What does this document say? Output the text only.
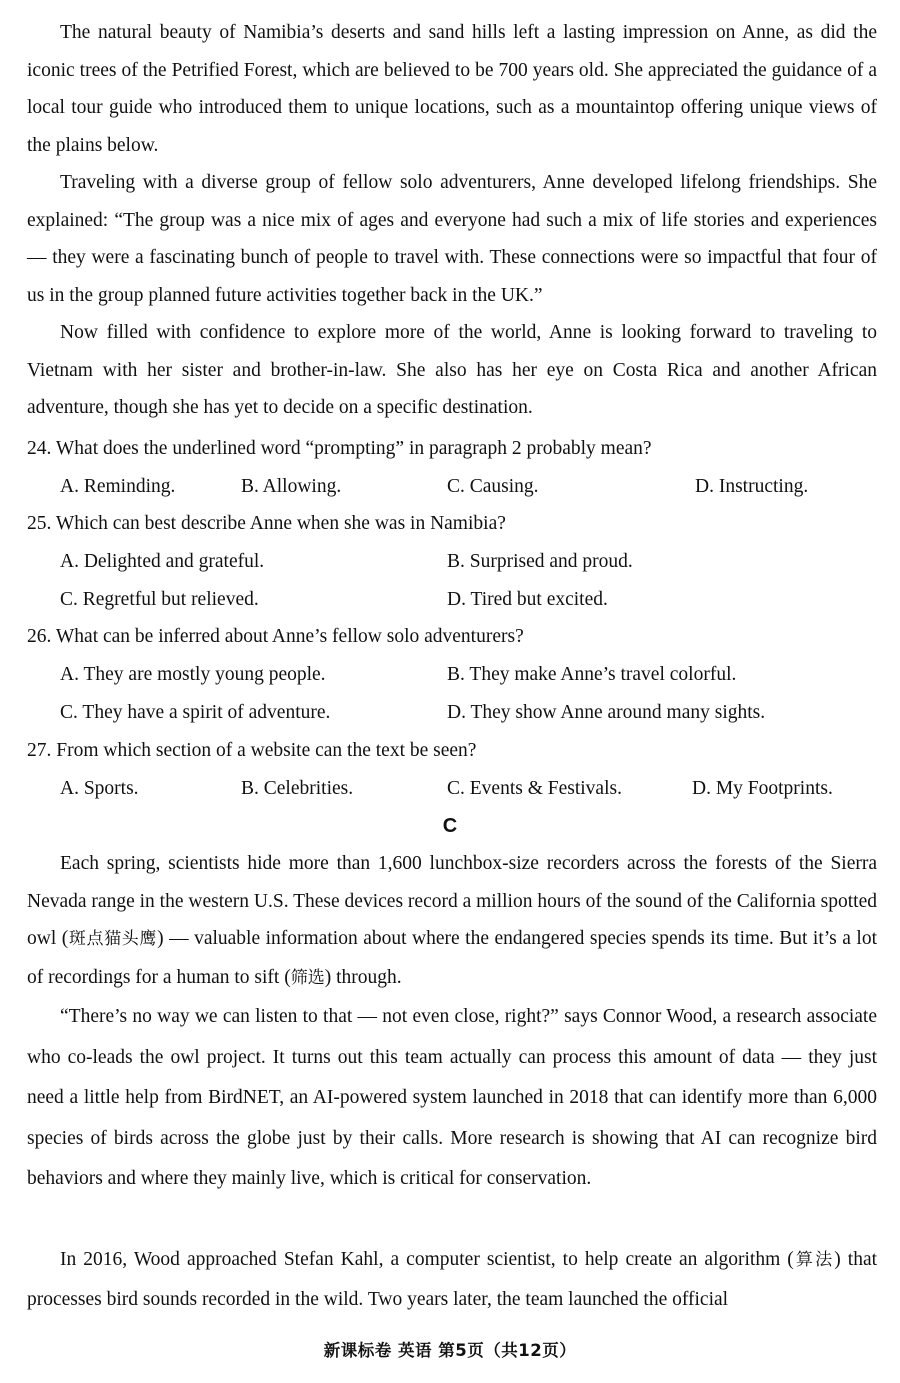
The natural beauty of Namibia’s deserts and sand hills left a lasting impression on Anne, as did the iconic trees of the Petrified Forest, which are believed to be 700 years old. She appreciated the guidance of a local tour guide who introduced them to unique locations, such as a mountaintop offering unique views of the plains below.

Traveling with a diverse group of fellow solo adventurers, Anne developed lifelong friendships. She explained: “The group was a nice mix of ages and everyone had such a mix of life stories and experiences — they were a fascinating bunch of people to travel with. These connections were so impactful that four of us in the group planned future activities together back in the UK.”

Now filled with confidence to explore more of the world, Anne is looking forward to traveling to Vietnam with her sister and brother-in-law. She also has her eye on Costa Rica and another African adventure, though she has yet to decide on a specific destination.

24. What does the underlined word “prompting” in paragraph 2 probably mean?

A. Reminding.	B. Allowing.	C. Causing.	D. Instructing.

25. Which can best describe Anne when she was in Namibia?

A. Delighted and grateful.	B. Surprised and proud.

C. Regretful but relieved.	D. Tired but excited.

26. What can be inferred about Anne’s fellow solo adventurers?

A. They are mostly young people.	B. They make Anne’s travel colorful.

C. They have a spirit of adventure.	D. They show Anne around many sights.

27. From which section of a website can the text be seen?

A. Sports.	B. Celebrities.	C. Events & Festivals.	D. My Footprints.

C

Each spring, scientists hide more than 1,600 lunchbox-size recorders across the forests of the Sierra Nevada range in the western U.S. These devices record a million hours of the sound of the California spotted owl (斑点猫头鹰) — valuable information about where the endangered species spends its time. But it’s a lot of recordings for a human to sift (筛选) through.

“There’s no way we can listen to that — not even close, right?” says Connor Wood, a research associate who co-leads the owl project. It turns out this team actually can process this amount of data — they just need a little help from BirdNET, an AI-powered system launched in 2018 that can identify more than 6,000 species of birds across the globe just by their calls. More research is showing that AI can recognize bird behaviors and where they mainly live, which is critical for conservation.

In 2016, Wood approached Stefan Kahl, a computer scientist, to help create an algorithm (算法) that processes bird sounds recorded in the wild. Two years later, the team launched the official

新课标卷 英语 第5页（共12页）
